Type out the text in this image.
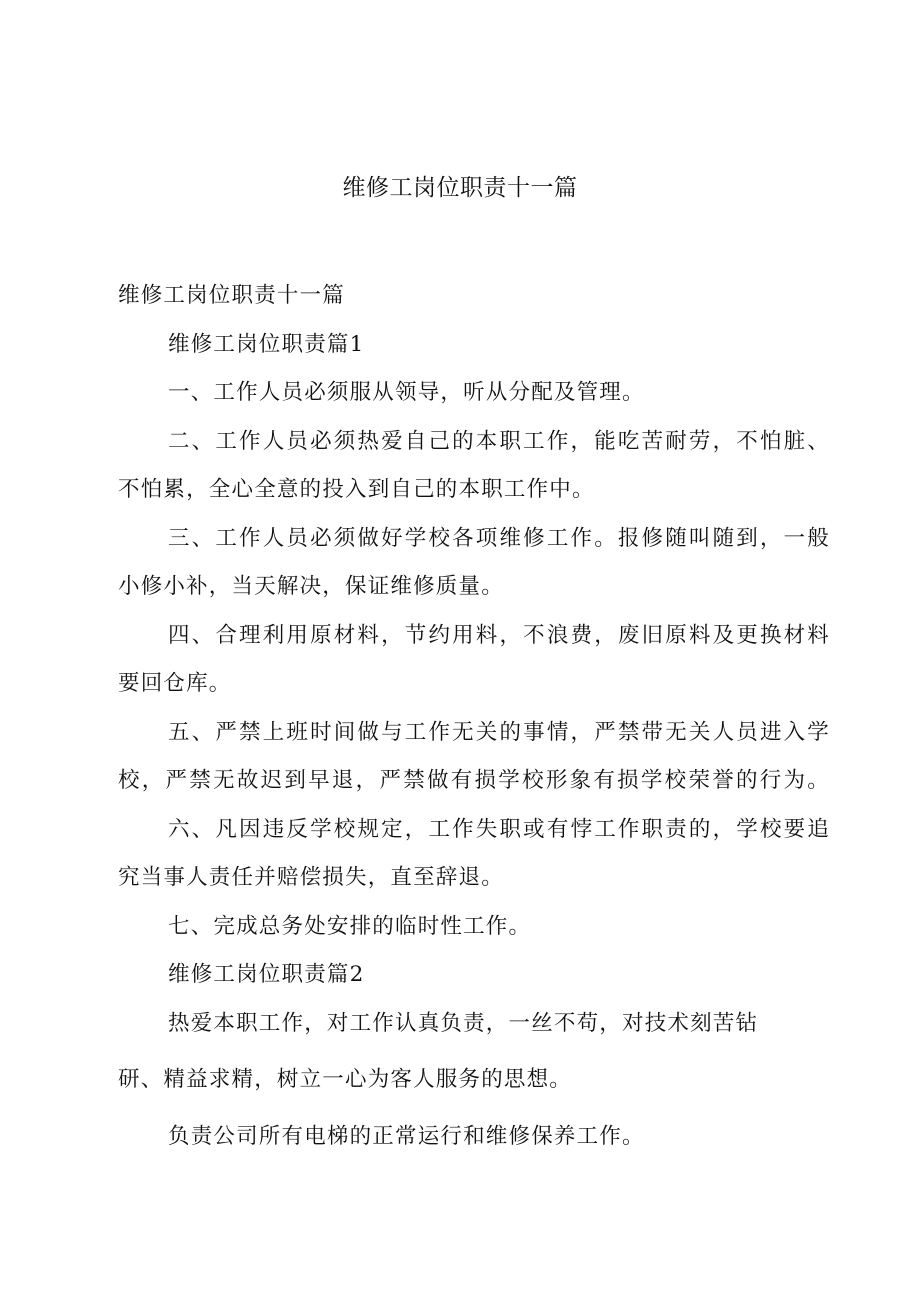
维修工岗位职责十一篇
维修工岗位职责十一篇
维修工岗位职责篇1
一、工作人员必须服从领导，听从分配及管理。
二、工作人员必须热爱自己的本职工作，能吃苦耐劳，不怕脏、
不怕累，全心全意的投入到自己的本职工作中。
三、工作人员必须做好学校各项维修工作。报修随叫随到，一般
小修小补，当天解决，保证维修质量。
四、合理利用原材料，节约用料，不浪费，废旧原料及更换材料
要回仓库。
五、严禁上班时间做与工作无关的事情，严禁带无关人员进入学
校，严禁无故迟到早退，严禁做有损学校形象有损学校荣誉的行为。
六、凡因违反学校规定，工作失职或有悖工作职责的，学校要追
究当事人责任并赔偿损失，直至辞退。
七、完成总务处安排的临时性工作。
维修工岗位职责篇2
热爱本职工作，对工作认真负责，一丝不苟，对技术刻苦钻
研、精益求精，树立一心为客人服务的思想。
负责公司所有电梯的正常运行和维修保养工作。
